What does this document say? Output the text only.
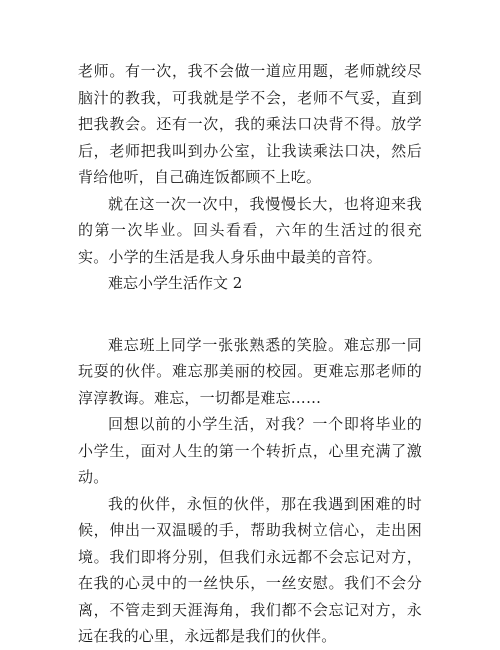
老师。有一次，我不会做一道应用题，老师就绞尽脑汁的教我，可我就是学不会，老师不气妥，直到把我教会。还有一次，我的乘法口决背不得。放学后，老师把我叫到办公室，让我读乘法口决，然后背给他听，自己确连饭都顾不上吃。

就在这一次一次中，我慢慢长大，也将迎来我的第一次毕业。回头看看，六年的生活过的很充实。小学的生活是我人身乐曲中最美的音符。

难忘小学生活作文 2

难忘班上同学一张张熟悉的笑脸。难忘那一同玩耍的伙伴。难忘那美丽的校园。更难忘那老师的淳淳教诲。难忘，一切都是难忘……

回想以前的小学生活，对我？一个即将毕业的小学生，面对人生的第一个转折点，心里充满了激动。

我的伙伴，永恒的伙伴，那在我遇到困难的时候，伸出一双温暖的手，帮助我树立信心，走出困境。我们即将分别，但我们永远都不会忘记对方，在我的心灵中的一丝快乐，一丝安慰。我们不会分离，不管走到天涯海角，我们都不会忘记对方，永远在我的心里，永远都是我们的伙伴。
